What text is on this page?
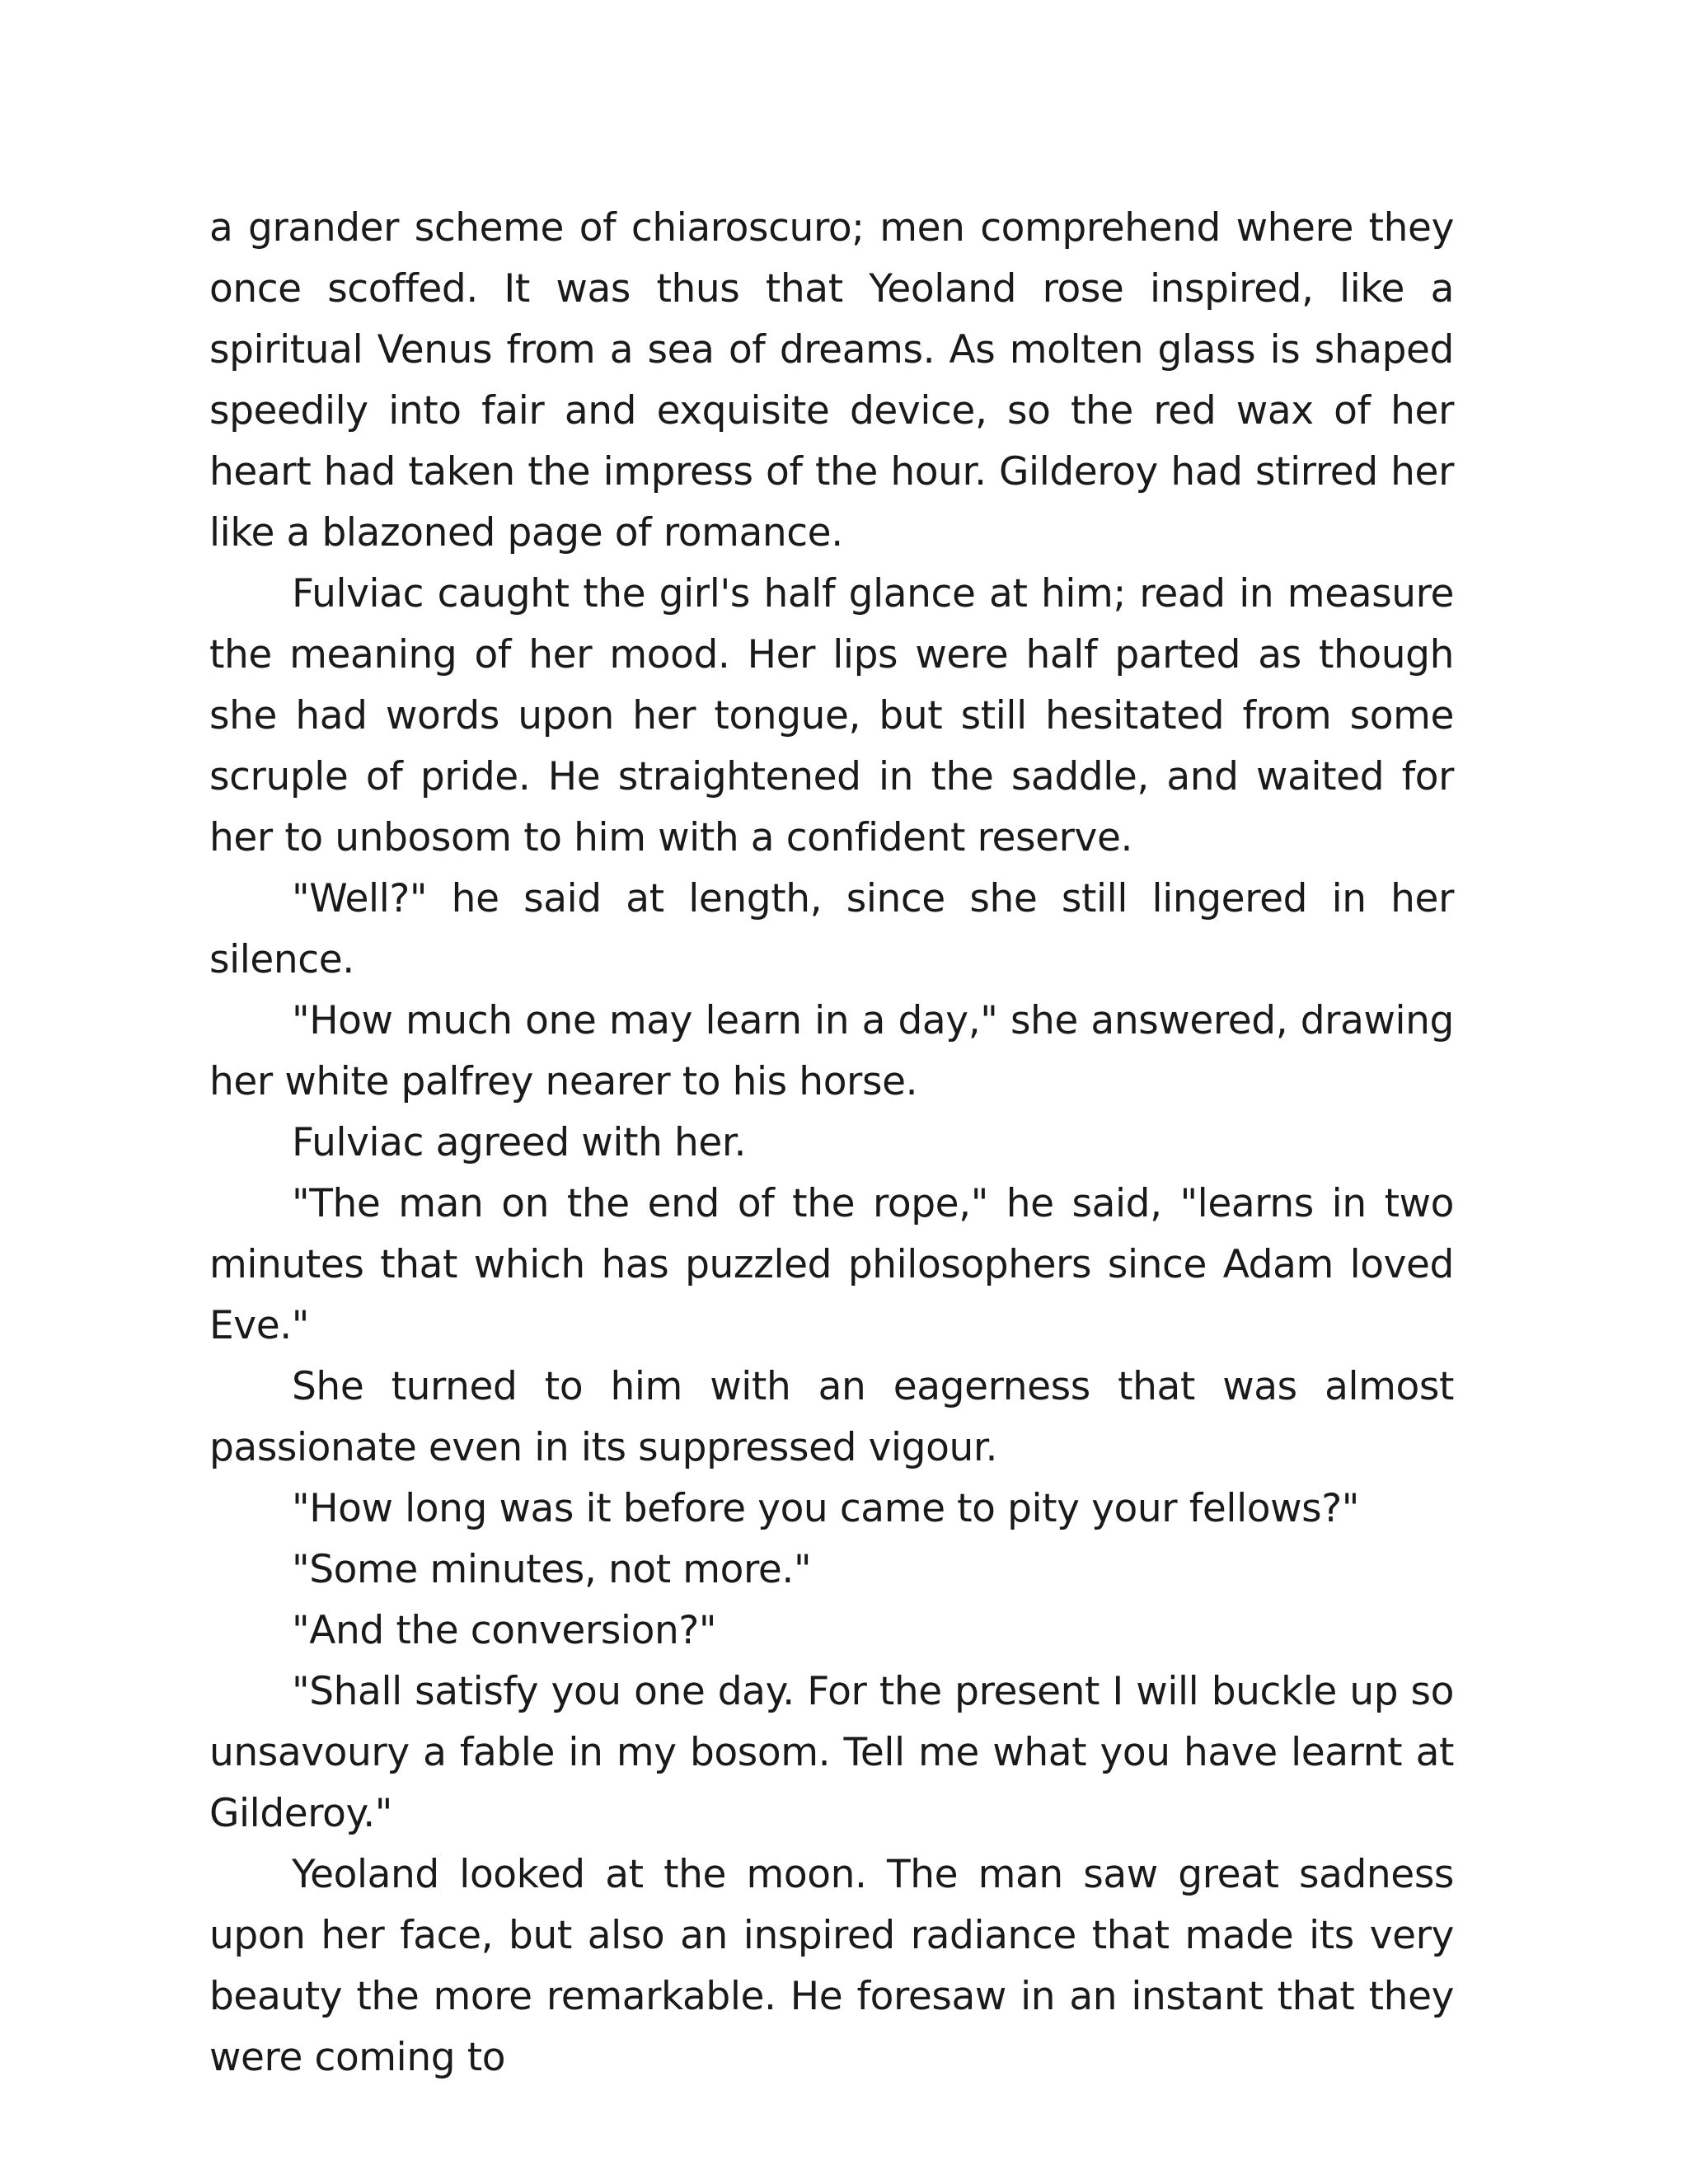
a grander scheme of chiaroscuro; men comprehend where they once scoffed. It was thus that Yeoland rose inspired, like a spiritual Venus from a sea of dreams. As molten glass is shaped speedily into fair and exquisite device, so the red wax of her heart had taken the impress of the hour. Gilderoy had stirred her like a blazoned page of romance.

Fulviac caught the girl's half glance at him; read in measure the meaning of her mood. Her lips were half parted as though she had words upon her tongue, but still hesitated from some scruple of pride. He straightened in the saddle, and waited for her to unbosom to him with a confident reserve.

"Well?" he said at length, since she still lingered in her silence.

"How much one may learn in a day," she answered, drawing her white palfrey nearer to his horse.

Fulviac agreed with her.

"The man on the end of the rope," he said, "learns in two minutes that which has puzzled philosophers since Adam loved Eve."

She turned to him with an eagerness that was almost passionate even in its suppressed vigour.

"How long was it before you came to pity your fellows?"

"Some minutes, not more."

"And the conversion?"

"Shall satisfy you one day. For the present I will buckle up so unsavoury a fable in my bosom. Tell me what you have learnt at Gilderoy."

Yeoland looked at the moon. The man saw great sadness upon her face, but also an inspired radiance that made its very beauty the more remarkable. He foresaw in an instant that they were coming to
